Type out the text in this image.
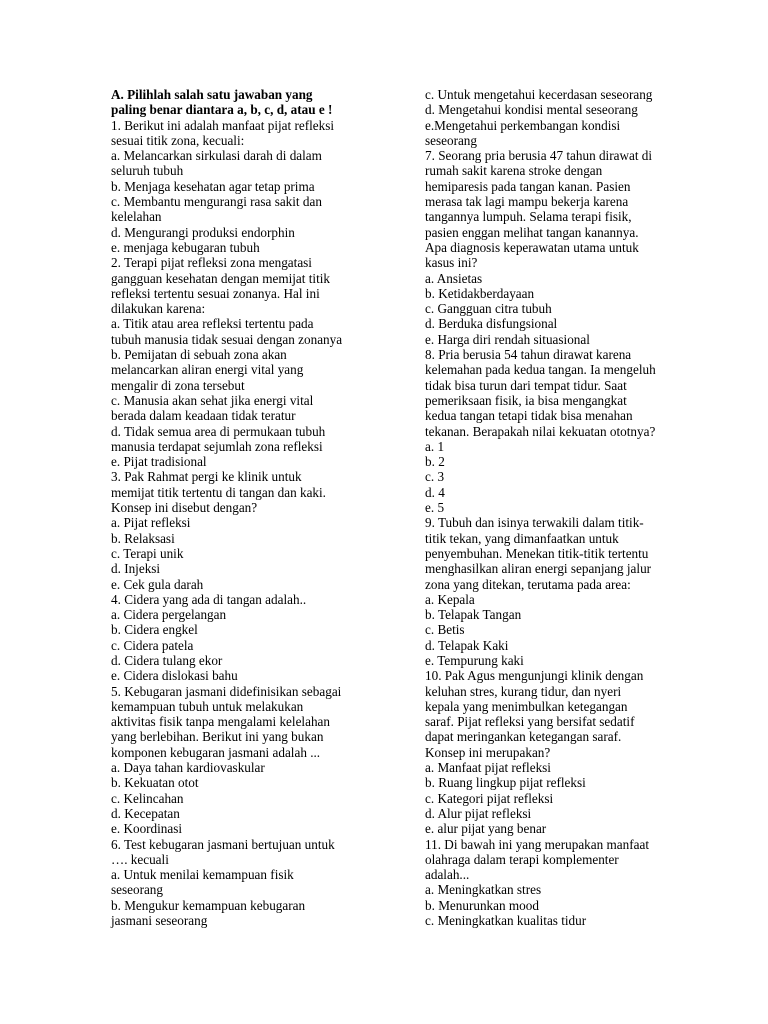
A. Pilihlah salah satu jawaban yang
paling benar diantara a, b, c, d, atau e !
1. Berikut ini adalah manfaat pijat refleksi
sesuai titik zona, kecuali:
a. Melancarkan sirkulasi darah di dalam
seluruh tubuh
b. Menjaga kesehatan agar tetap prima
c. Membantu mengurangi rasa sakit dan
kelelahan
d. Mengurangi produksi endorphin
e. menjaga kebugaran tubuh
2. Terapi pijat refleksi zona mengatasi
gangguan kesehatan dengan memijat titik
refleksi tertentu sesuai zonanya. Hal ini
dilakukan karena:
a. Titik atau area refleksi tertentu pada
tubuh manusia tidak sesuai dengan zonanya
b. Pemijatan di sebuah zona akan
melancarkan aliran energi vital yang
mengalir di zona tersebut
c. Manusia akan sehat jika energi vital
berada dalam keadaan tidak teratur
d. Tidak semua area di permukaan tubuh
manusia terdapat sejumlah zona refleksi
e. Pijat tradisional
3. Pak Rahmat pergi ke klinik untuk
memijat titik tertentu di tangan dan kaki.
Konsep ini disebut dengan?
a. Pijat refleksi
b. Relaksasi
c. Terapi unik
d. Injeksi
e. Cek gula darah
4. Cidera yang ada di tangan adalah..
a. Cidera pergelangan
b. Cidera engkel
c. Cidera patela
d. Cidera tulang ekor
e. Cidera dislokasi bahu
5. Kebugaran jasmani didefinisikan sebagai
kemampuan tubuh untuk melakukan
aktivitas fisik tanpa mengalami kelelahan
yang berlebihan. Berikut ini yang bukan
komponen kebugaran jasmani adalah ...
a. Daya tahan kardiovaskular
b. Kekuatan otot
c. Kelincahan
d. Kecepatan
e. Koordinasi
6. Test kebugaran jasmani bertujuan untuk
…. kecuali
a. Untuk menilai kemampuan fisik
seseorang
b. Mengukur kemampuan kebugaran
jasmani seseorang
c. Untuk mengetahui kecerdasan seseorang
d. Mengetahui kondisi mental seseorang
e.Mengetahui perkembangan kondisi
seseorang
7. Seorang pria berusia 47 tahun dirawat di
rumah sakit karena stroke dengan
hemiparesis pada tangan kanan. Pasien
merasa tak lagi mampu bekerja karena
tangannya lumpuh. Selama terapi fisik,
pasien enggan melihat tangan kanannya.
Apa diagnosis keperawatan utama untuk
kasus ini?
a. Ansietas
b. Ketidakberdayaan
c. Gangguan citra tubuh
d. Berduka disfungsional
e. Harga diri rendah situasional
8. Pria berusia 54 tahun dirawat karena
kelemahan pada kedua tangan. Ia mengeluh
tidak bisa turun dari tempat tidur. Saat
pemeriksaan fisik, ia bisa mengangkat
kedua tangan tetapi tidak bisa menahan
tekanan. Berapakah nilai kekuatan ototnya?
a. 1
b. 2
c. 3
d. 4
e. 5
9. Tubuh dan isinya terwakili dalam titik-
titik tekan, yang dimanfaatkan untuk
penyembuhan. Menekan titik-titik tertentu
menghasilkan aliran energi sepanjang jalur
zona yang ditekan, terutama pada area:
a. Kepala
b. Telapak Tangan
c. Betis
d. Telapak Kaki
e. Tempurung kaki
10. Pak Agus mengunjungi klinik dengan
keluhan stres, kurang tidur, dan nyeri
kepala yang menimbulkan ketegangan
saraf. Pijat refleksi yang bersifat sedatif
dapat meringankan ketegangan saraf.
Konsep ini merupakan?
a. Manfaat pijat refleksi
b. Ruang lingkup pijat refleksi
c. Kategori pijat refleksi
d. Alur pijat refleksi
e. alur pijat yang benar
11. Di bawah ini yang merupakan manfaat
olahraga dalam terapi komplementer
adalah...
a. Meningkatkan stres
b. Menurunkan mood
c. Meningkatkan kualitas tidur
